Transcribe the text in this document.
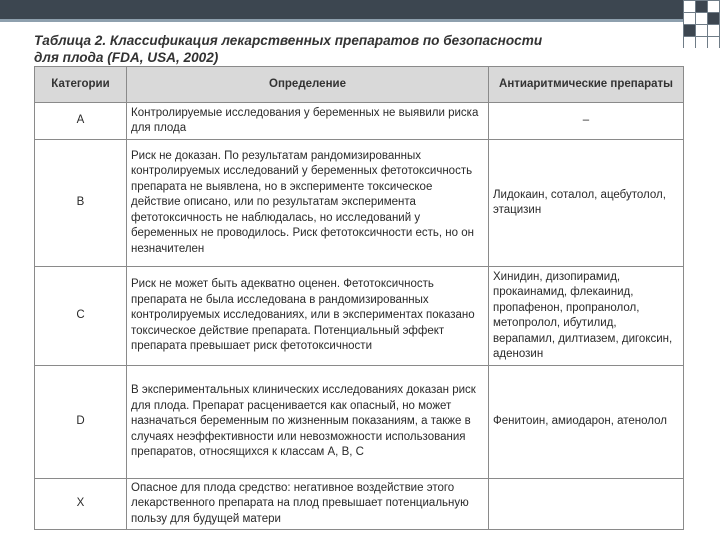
Таблица 2. Классификация лекарственных препаратов по безопасности
для плода (FDA, USA, 2002)
Категории	Определение	Антиаритмические препараты
A	Контролируемые исследования у беременных не выявили риска для плода	–
B	Риск не доказан. По результатам рандомизированных контролируемых исследований у беременных фетотоксичность препарата не выявлена, но в эксперименте токсическое действие описано, или по результатам эксперимента фетотоксичность не наблюдалась, но исследований у беременных не проводилось. Риск фетотоксичности есть, но он незначителен	Лидокаин, соталол, ацебутолол, этацизин
C	Риск не может быть адекватно оценен. Фетотоксичность препарата не была исследована в рандомизированных контролируемых исследованиях, или в экспериментах показано токсическое действие препарата. Потенциальный эффект препарата превышает риск фетотоксичности	Хинидин, дизопирамид, прокаинамид, флекаинид, пропафенон, пропранолол, метопролол, ибутилид, верапамил, дилтиазем, дигоксин, аденозин
D	В экспериментальных клинических исследованиях доказан риск для плода. Препарат расценивается как опасный, но может назначаться беременным по жизненным показаниям, а также в случаях неэффективности или невозможности использования препаратов, относящихся к классам A, B, C	Фенитоин, амиодарон, атенолол
X	Опасное для плода средство: негативное воздействие этого лекарственного препарата на плод превышает потенциальную пользу для будущей матери	
